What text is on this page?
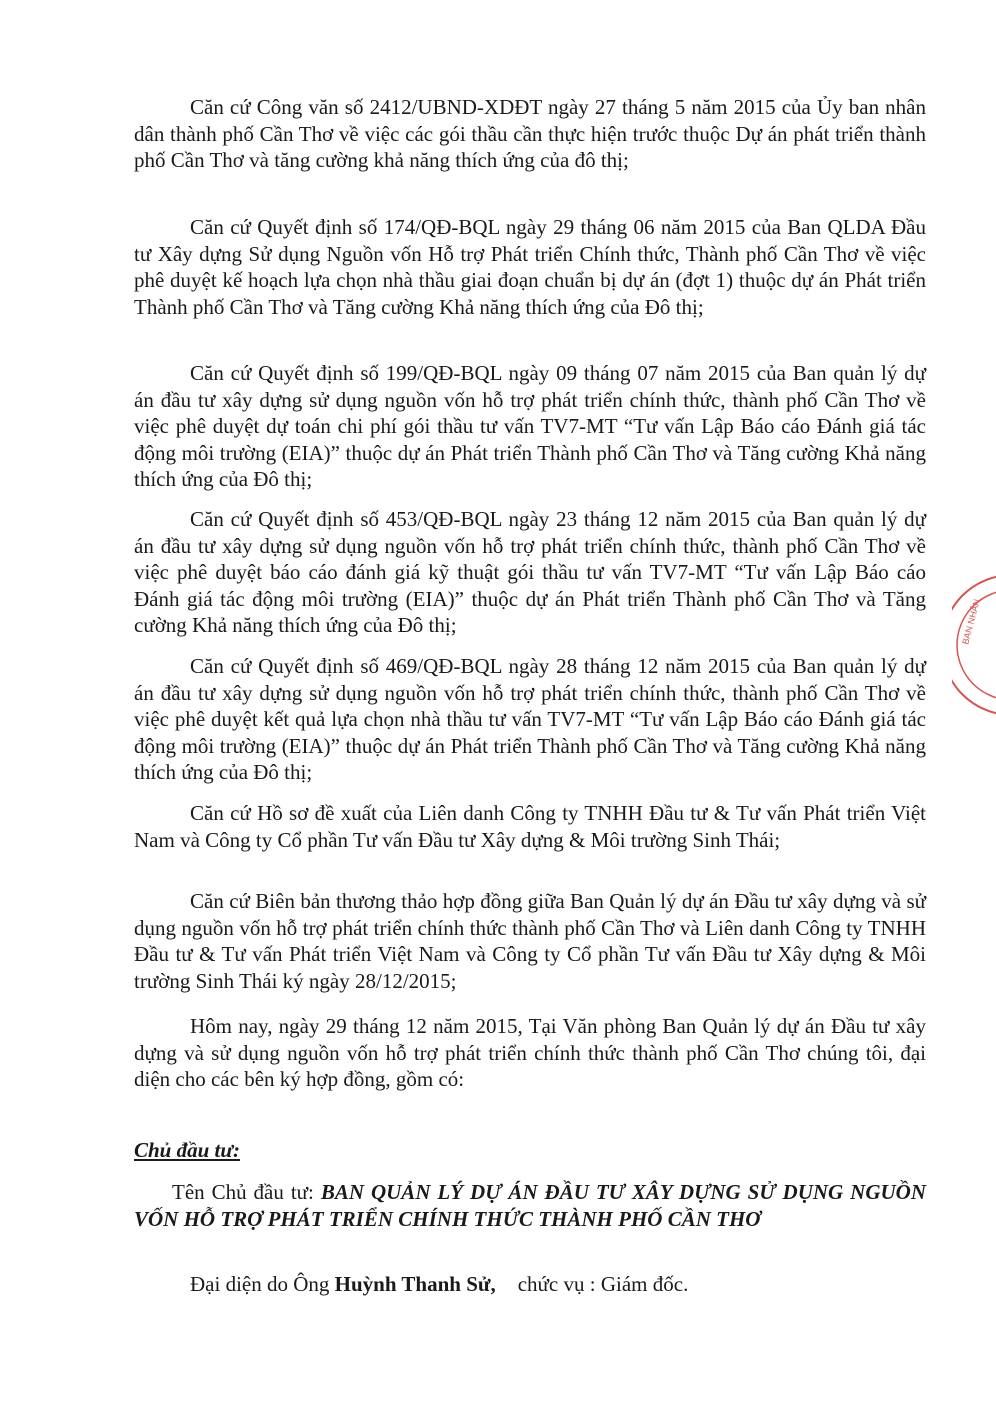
Căn cứ Công văn số 2412/UBND-XDĐT ngày 27 tháng 5 năm 2015 của Ủy ban nhân dân thành phố Cần Thơ về việc các gói thầu cần thực hiện trước thuộc Dự án phát triển thành phố Cần Thơ và tăng cường khả năng thích ứng của đô thị;

Căn cứ Quyết định số 174/QĐ-BQL ngày 29 tháng 06 năm 2015 của Ban QLDA Đầu tư Xây dựng Sử dụng Nguồn vốn Hỗ trợ Phát triển Chính thức, Thành phố Cần Thơ về việc phê duyệt kế hoạch lựa chọn nhà thầu giai đoạn chuẩn bị dự án (đợt 1) thuộc dự án Phát triển Thành phố Cần Thơ và Tăng cường Khả năng thích ứng của Đô thị;

Căn cứ Quyết định số 199/QĐ-BQL ngày 09 tháng 07 năm 2015 của Ban quản lý dự án đầu tư xây dựng sử dụng nguồn vốn hỗ trợ phát triển chính thức, thành phố Cần Thơ về việc phê duyệt dự toán chi phí gói thầu tư vấn TV7-MT “Tư vấn Lập Báo cáo Đánh giá tác động môi trường (EIA)” thuộc dự án Phát triển Thành phố Cần Thơ và Tăng cường Khả năng thích ứng của Đô thị;

Căn cứ Quyết định số 453/QĐ-BQL ngày 23 tháng 12 năm 2015 của Ban quản lý dự án đầu tư xây dựng sử dụng nguồn vốn hỗ trợ phát triển chính thức, thành phố Cần Thơ về việc phê duyệt báo cáo đánh giá kỹ thuật gói thầu tư vấn TV7-MT “Tư vấn Lập Báo cáo Đánh giá tác động môi trường (EIA)” thuộc dự án Phát triển Thành phố Cần Thơ và Tăng cường Khả năng thích ứng của Đô thị;

Căn cứ Quyết định số 469/QĐ-BQL ngày 28 tháng 12 năm 2015 của Ban quản lý dự án đầu tư xây dựng sử dụng nguồn vốn hỗ trợ phát triển chính thức, thành phố Cần Thơ về việc phê duyệt kết quả lựa chọn nhà thầu tư vấn TV7-MT “Tư vấn Lập Báo cáo Đánh giá tác động môi trường (EIA)” thuộc dự án Phát triển Thành phố Cần Thơ và Tăng cường Khả năng thích ứng của Đô thị;

Căn cứ Hồ sơ đề xuất của Liên danh Công ty TNHH Đầu tư & Tư vấn Phát triển Việt Nam và Công ty Cổ phần Tư vấn Đầu tư Xây dựng & Môi trường Sinh Thái;

Căn cứ Biên bản thương thảo hợp đồng giữa Ban Quản lý dự án Đầu tư xây dựng và sử dụng nguồn vốn hỗ trợ phát triển chính thức thành phố Cần Thơ và Liên danh Công ty TNHH Đầu tư & Tư vấn Phát triển Việt Nam và Công ty Cổ phần Tư vấn Đầu tư Xây dựng & Môi trường Sinh Thái ký ngày 28/12/2015;

Hôm nay, ngày 29 tháng 12 năm 2015, Tại Văn phòng Ban Quản lý dự án Đầu tư xây dựng và sử dụng nguồn vốn hỗ trợ phát triển chính thức thành phố Cần Thơ chúng tôi, đại diện cho các bên ký hợp đồng, gồm có:

Chủ đầu tư:

Tên Chủ đầu tư: BAN QUẢN LÝ DỰ ÁN ĐẦU TƯ XÂY DỰNG SỬ DỤNG NGUỒN VỐN HỖ TRỢ PHÁT TRIỂN CHÍNH THỨC THÀNH PHỐ CẦN THƠ

Đại diện do Ông Huỳnh Thanh Sử, chức vụ : Giám đốc.

BAN NHÂN
